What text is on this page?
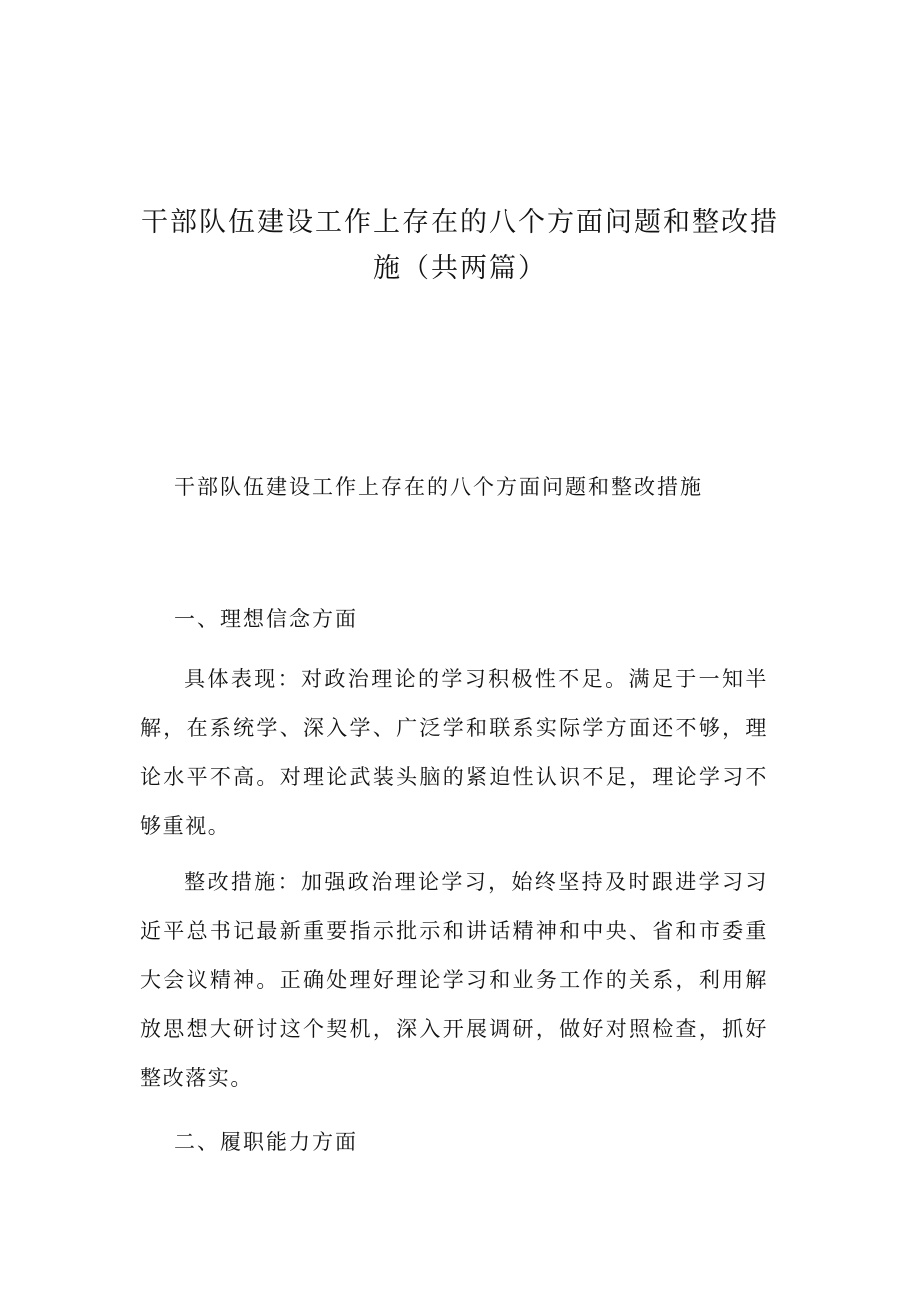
干部队伍建设工作上存在的八个方面问题和整改措施（共两篇）
干部队伍建设工作上存在的八个方面问题和整改措施
一、理想信念方面

具体表现：对政治理论的学习积极性不足。满足于一知半解，在系统学、深入学、广泛学和联系实际学方面还不够，理论水平不高。对理论武装头脑的紧迫性认识不足，理论学习不够重视。

整改措施：加强政治理论学习，始终坚持及时跟进学习习近平总书记最新重要指示批示和讲话精神和中央、省和市委重大会议精神。正确处理好理论学习和业务工作的关系，利用解放思想大研讨这个契机，深入开展调研，做好对照检查，抓好整改落实。

二、履职能力方面
